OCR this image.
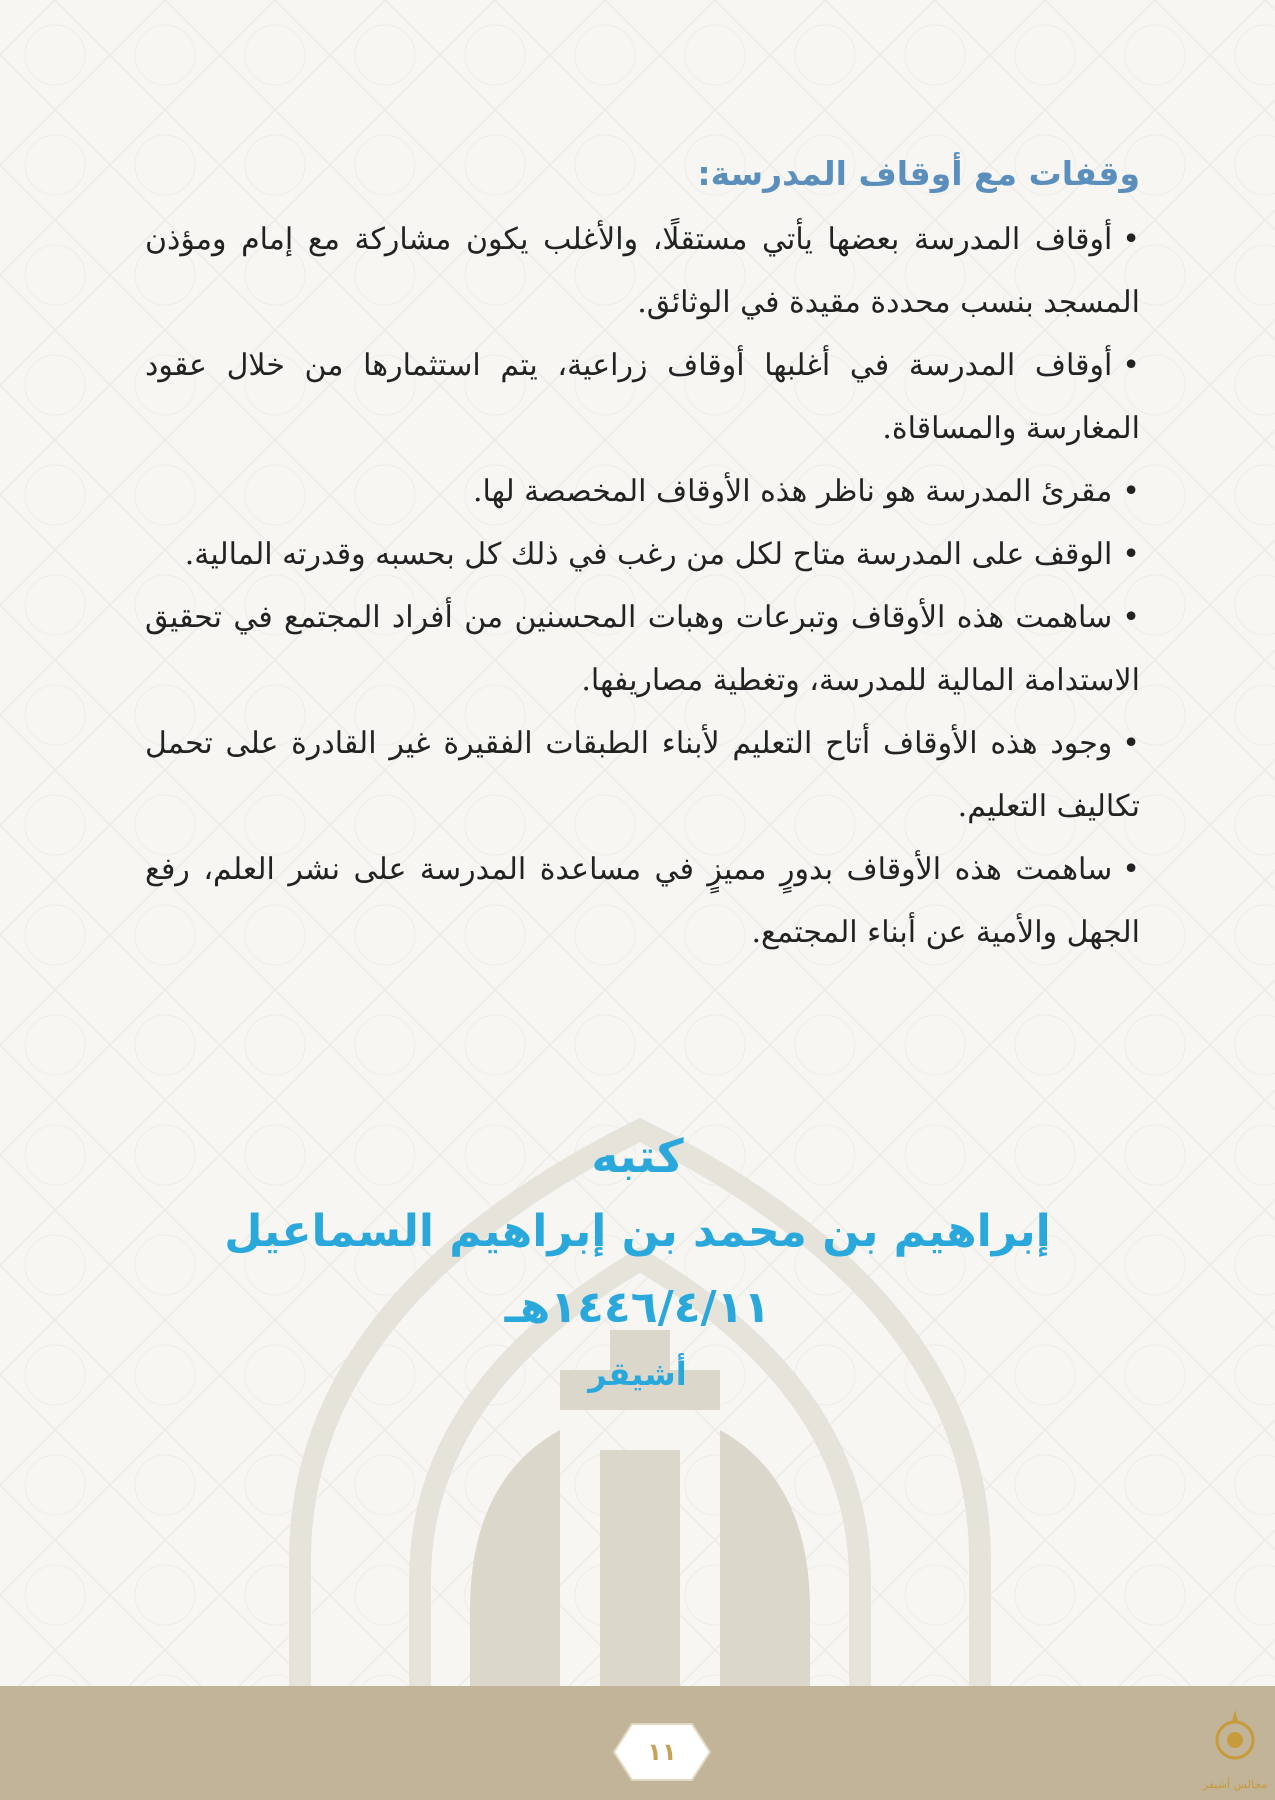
وقفات مع أوقاف المدرسة:
•أوقاف المدرسة بعضها يأتي مستقلًا، والأغلب يكون مشاركة مع إمام ومؤذن المسجد بنسب محددة مقيدة في الوثائق.
•أوقاف المدرسة في أغلبها أوقاف زراعية، يتم استثمارها من خلال عقود المغارسة والمساقاة.
•مقرئ المدرسة هو ناظر هذه الأوقاف المخصصة لها.
•الوقف على المدرسة متاح لكل من رغب في ذلك كل بحسبه وقدرته المالية.
•ساهمت هذه الأوقاف وتبرعات وهبات المحسنين من أفراد المجتمع في تحقيق الاستدامة المالية للمدرسة، وتغطية مصاريفها.
•وجود هذه الأوقاف أتاح التعليم لأبناء الطبقات الفقيرة غير القادرة على تحمل تكاليف التعليم.
•ساهمت هذه الأوقاف بدورٍ مميزٍ في مساعدة المدرسة على نشر العلم، رفع الجهل والأمية عن أبناء المجتمع.
كتبه
إبراهيم بن محمد بن إبراهيم السماعيل
١٤٤٦/٤/١١هـ
أشيقر
١١
مجالس أشيقر
